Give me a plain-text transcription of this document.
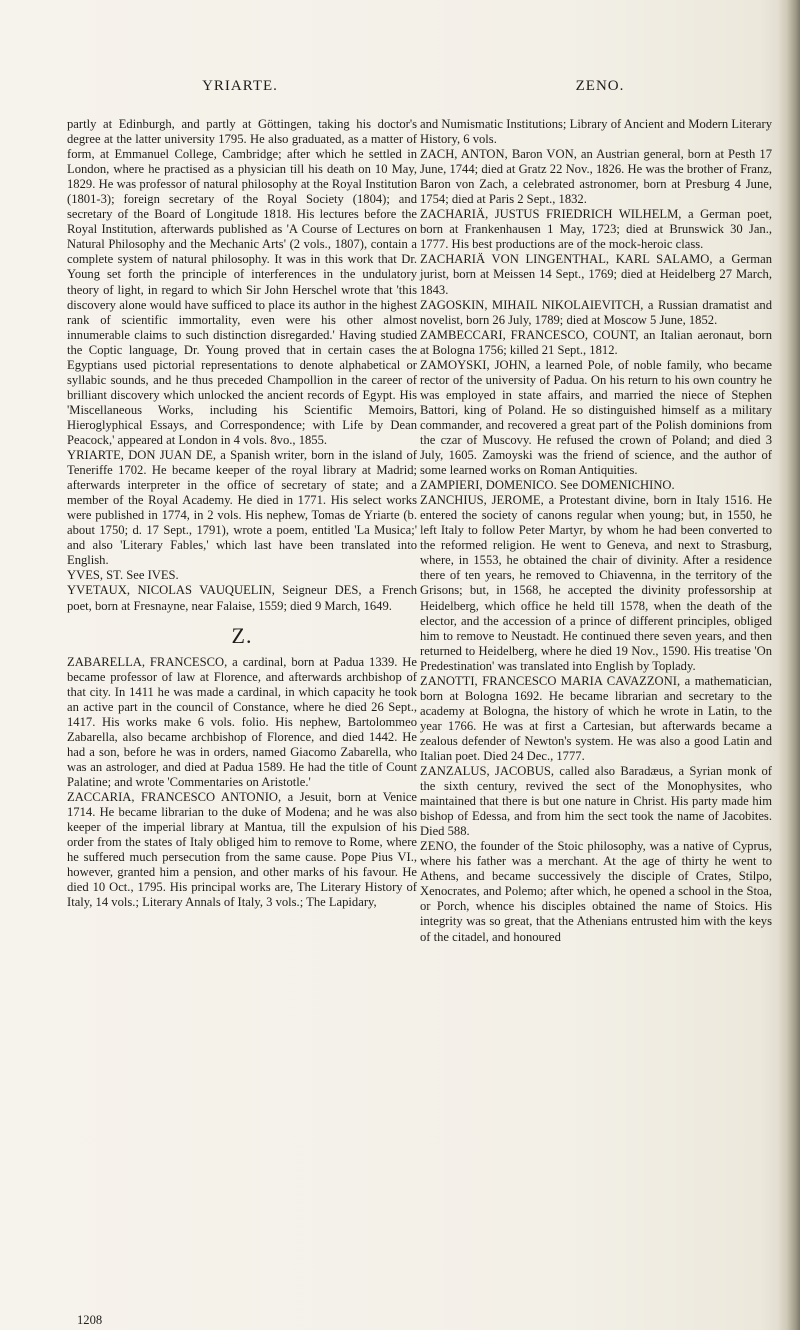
YRIARTE.	ZENO.

partly at Edinburgh, and partly at Göttingen, taking his doctor's degree at the latter university 1795. He also graduated, as a matter of form, at Emmanuel College, Cambridge; after which he settled in London, where he practised as a physician till his death on 10 May, 1829. He was professor of natural philosophy at the Royal Institution (1801-3); foreign secretary of the Royal Society (1804); and secretary of the Board of Longitude 1818. His lectures before the Royal Institution, afterwards published as 'A Course of Lectures on Natural Philosophy and the Mechanic Arts' (2 vols., 1807), contain a complete system of natural philosophy. It was in this work that Dr. Young set forth the principle of interferences in the undulatory theory of light, in regard to which Sir John Herschel wrote that 'this discovery alone would have sufficed to place its author in the highest rank of scientific immortality, even were his other almost innumerable claims to such distinction disregarded.' Having studied the Coptic language, Dr. Young proved that in certain cases the Egyptians used pictorial representations to denote alphabetical or syllabic sounds, and he thus preceded Champollion in the career of brilliant discovery which unlocked the ancient records of Egypt. His 'Miscellaneous Works, including his Scientific Memoirs, Hieroglyphical Essays, and Correspondence; with Life by Dean Peacock,' appeared at London in 4 vols. 8vo., 1855.

YRIARTE, DON JUAN DE, a Spanish writer, born in the island of Teneriffe 1702. He became keeper of the royal library at Madrid; afterwards interpreter in the office of secretary of state; and a member of the Royal Academy. He died in 1771. His select works were published in 1774, in 2 vols. His nephew, Tomas de Yriarte (b. about 1750; d. 17 Sept., 1791), wrote a poem, entitled 'La Musica;' and also 'Literary Fables,' which last have been translated into English.

YVES, ST. See IVES.

YVETAUX, NICOLAS VAUQUELIN, Seigneur DES, a French poet, born at Fresnayne, near Falaise, 1559; died 9 March, 1649.

Z.

ZABARELLA, FRANCESCO, a cardinal, born at Padua 1339. He became professor of law at Florence, and afterwards archbishop of that city. In 1411 he was made a cardinal, in which capacity he took an active part in the council of Constance, where he died 26 Sept., 1417. His works make 6 vols. folio. His nephew, Bartolommeo Zabarella, also became archbishop of Florence, and died 1442. He had a son, before he was in orders, named Giacomo Zabarella, who was an astrologer, and died at Padua 1589. He had the title of Count Palatine; and wrote 'Commentaries on Aristotle.'

ZACCARIA, FRANCESCO ANTONIO, a Jesuit, born at Venice 1714. He became librarian to the duke of Modena; and he was also keeper of the imperial library at Mantua, till the expulsion of his order from the states of Italy obliged him to remove to Rome, where he suffered much persecution from the same cause. Pope Pius VI., however, granted him a pension, and other marks of his favour. He died 10 Oct., 1795. His principal works are, The Literary History of Italy, 14 vols.; Literary Annals of Italy, 3 vols.; The Lapidary,

and Numismatic Institutions; Library of Ancient and Modern Literary History, 6 vols.

ZACH, ANTON, Baron VON, an Austrian general, born at Pesth 17 June, 1744; died at Gratz 22 Nov., 1826. He was the brother of Franz, Baron von Zach, a celebrated astronomer, born at Presburg 4 June, 1754; died at Paris 2 Sept., 1832.

ZACHARIÄ, JUSTUS FRIEDRICH WILHELM, a German poet, born at Frankenhausen 1 May, 1723; died at Brunswick 30 Jan., 1777. His best productions are of the mock-heroic class.

ZACHARIÄ VON LINGENTHAL, KARL SALAMO, a German jurist, born at Meissen 14 Sept., 1769; died at Heidelberg 27 March, 1843.

ZAGOSKIN, MIHAIL NIKOLAIEVITCH, a Russian dramatist and novelist, born 26 July, 1789; died at Moscow 5 June, 1852.

ZAMBECCARI, FRANCESCO, COUNT, an Italian aeronaut, born at Bologna 1756; killed 21 Sept., 1812.

ZAMOYSKI, JOHN, a learned Pole, of noble family, who became rector of the university of Padua. On his return to his own country he was employed in state affairs, and married the niece of Stephen Battori, king of Poland. He so distinguished himself as a military commander, and recovered a great part of the Polish dominions from the czar of Muscovy. He refused the crown of Poland; and died 3 July, 1605. Zamoyski was the friend of science, and the author of some learned works on Roman Antiquities.

ZAMPIERI, DOMENICO. See DOMENICHINO.

ZANCHIUS, JEROME, a Protestant divine, born in Italy 1516. He entered the society of canons regular when young; but, in 1550, he left Italy to follow Peter Martyr, by whom he had been converted to the reformed religion. He went to Geneva, and next to Strasburg, where, in 1553, he obtained the chair of divinity. After a residence there of ten years, he removed to Chiavenna, in the territory of the Grisons; but, in 1568, he accepted the divinity professorship at Heidelberg, which office he held till 1578, when the death of the elector, and the accession of a prince of different principles, obliged him to remove to Neustadt. He continued there seven years, and then returned to Heidelberg, where he died 19 Nov., 1590. His treatise 'On Predestination' was translated into English by Toplady.

ZANOTTI, FRANCESCO MARIA CAVAZZONI, a mathematician, born at Bologna 1692. He became librarian and secretary to the academy at Bologna, the history of which he wrote in Latin, to the year 1766. He was at first a Cartesian, but afterwards became a zealous defender of Newton's system. He was also a good Latin and Italian poet. Died 24 Dec., 1777.

ZANZALUS, JACOBUS, called also Baradæus, a Syrian monk of the sixth century, revived the sect of the Monophysites, who maintained that there is but one nature in Christ. His party made him bishop of Edessa, and from him the sect took the name of Jacobites. Died 588.

ZENO, the founder of the Stoic philosophy, was a native of Cyprus, where his father was a merchant. At the age of thirty he went to Athens, and became successively the disciple of Crates, Stilpo, Xenocrates, and Polemo; after which, he opened a school in the Stoa, or Porch, whence his disciples obtained the name of Stoics. His integrity was so great, that the Athenians entrusted him with the keys of the citadel, and honoured

1208
